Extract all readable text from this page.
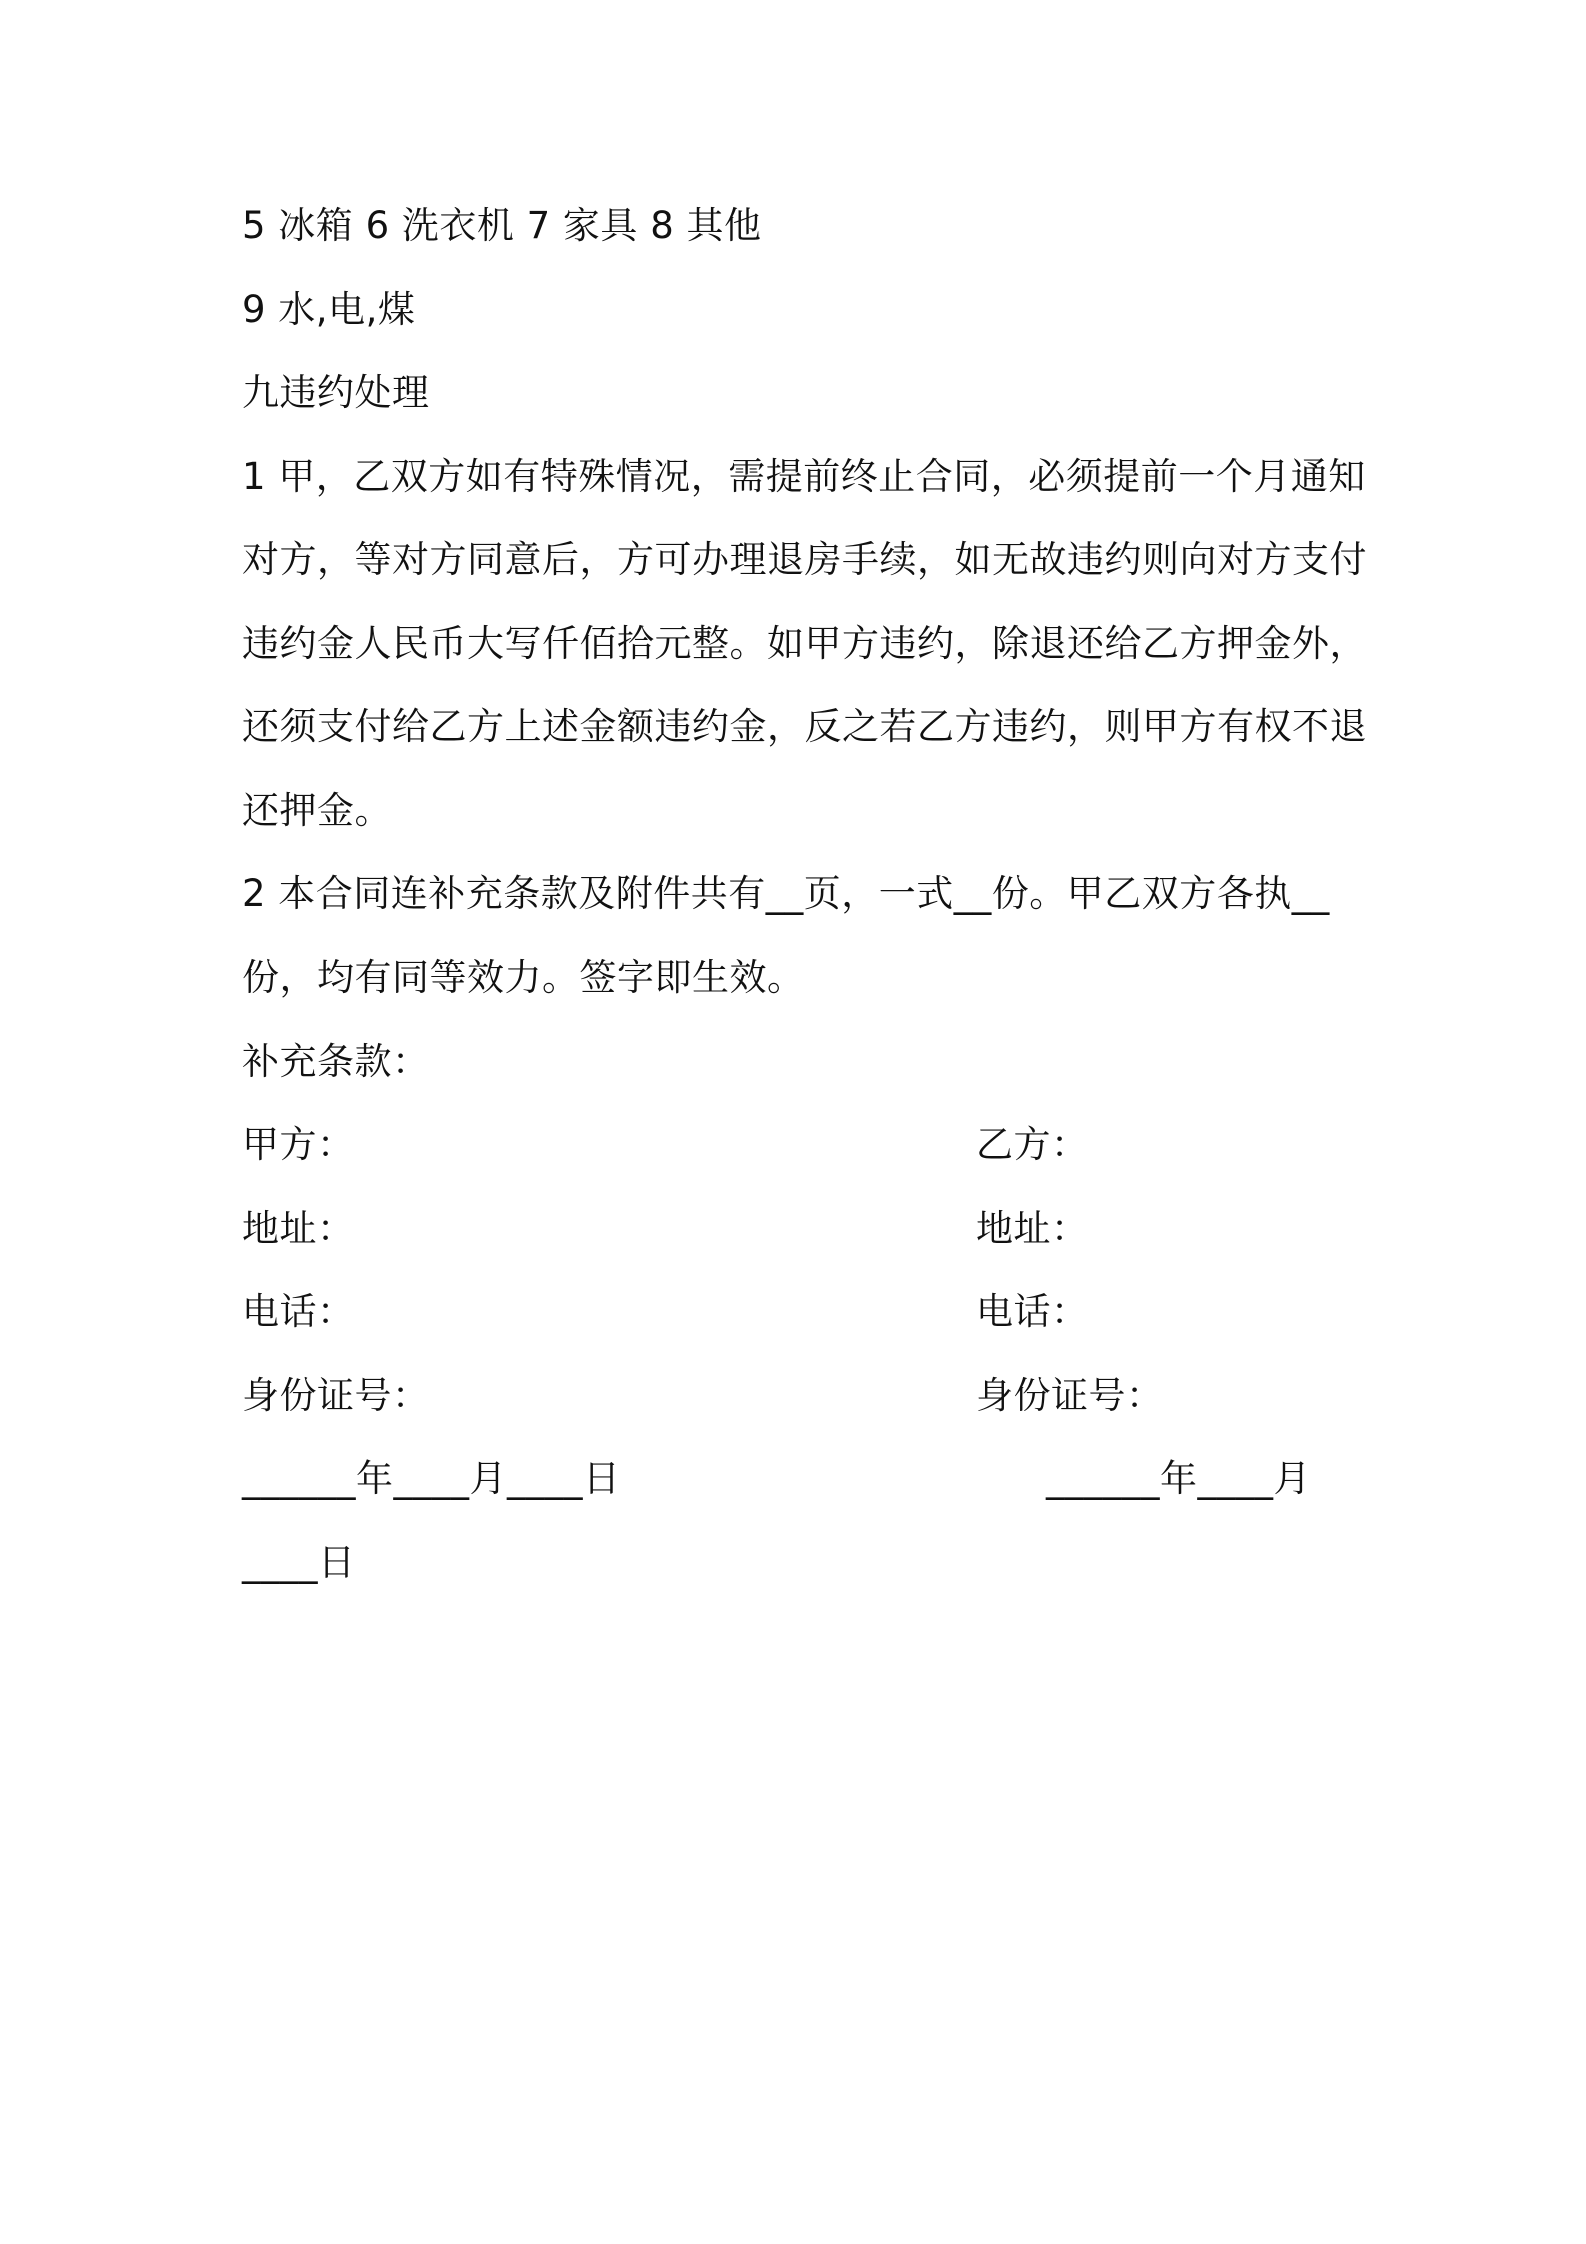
5 冰箱 6 洗衣机 7 家具 8 其他
9 水,电,煤
九违约处理
1 甲，乙双方如有特殊情况，需提前终止合同，必须提前一个月通知
对方，等对方同意后，方可办理退房手续，如无故违约则向对方支付
违约金人民币大写仟佰拾元整。如甲方违约，除退还给乙方押金外，
还须支付给乙方上述金额违约金，反之若乙方违约，则甲方有权不退
还押金。
2 本合同连补充条款及附件共有__页，一式__份。甲乙双方各执__
份，均有同等效力。签字即生效。
补充条款：
甲方：
地址：
电话：
身份证号：
______年____月____日
乙方：
地址：
电话：
身份证号：
______年____月
____日
